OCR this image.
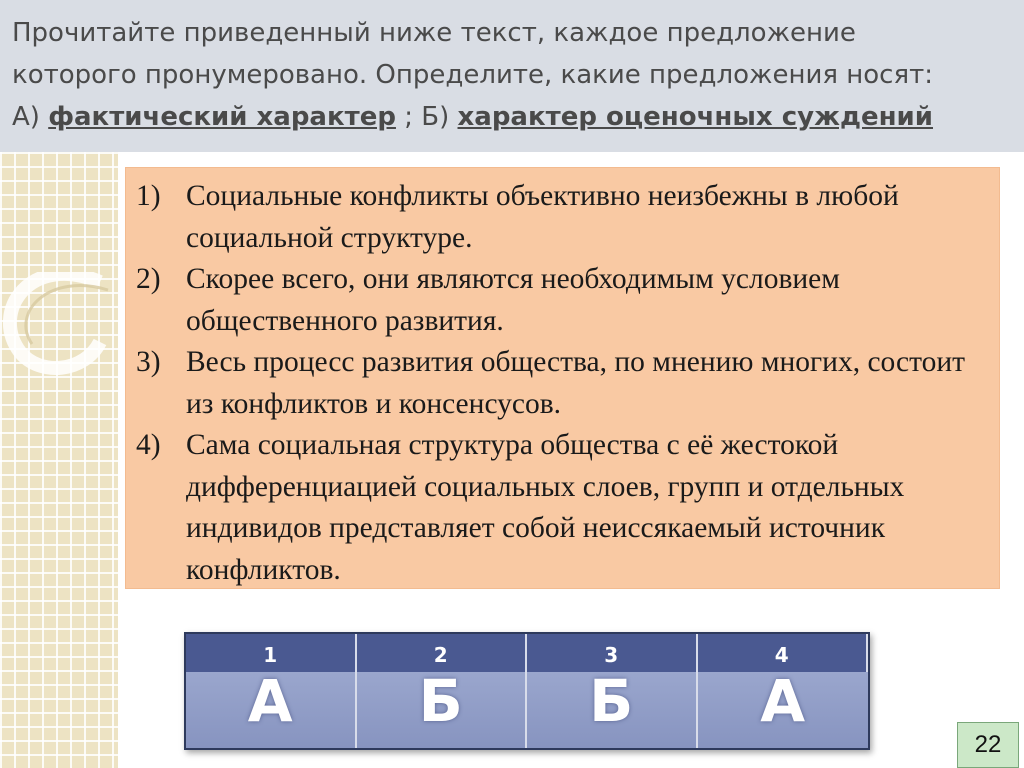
Прочитайте приведенный ниже текст, каждое предложение
которого пронумеровано. Определите, какие предложения носят:
А) фактический характер ; Б) характер оценочных суждений
1) Социальные конфликты объективно неизбежны в любой социальной структуре.
2) Скорее всего, они являются необходимым условием общественного развития.
3) Весь процесс развития общества, по мнению многих, состоит из конфликтов и консенсусов.
4) Сама социальная структура общества с её жестокой дифференциацией социальных слоев, групп и отдельных индивидов представляет собой неиссякаемый источник конфликтов.
1	2	3	4
А	Б	Б	А
22
